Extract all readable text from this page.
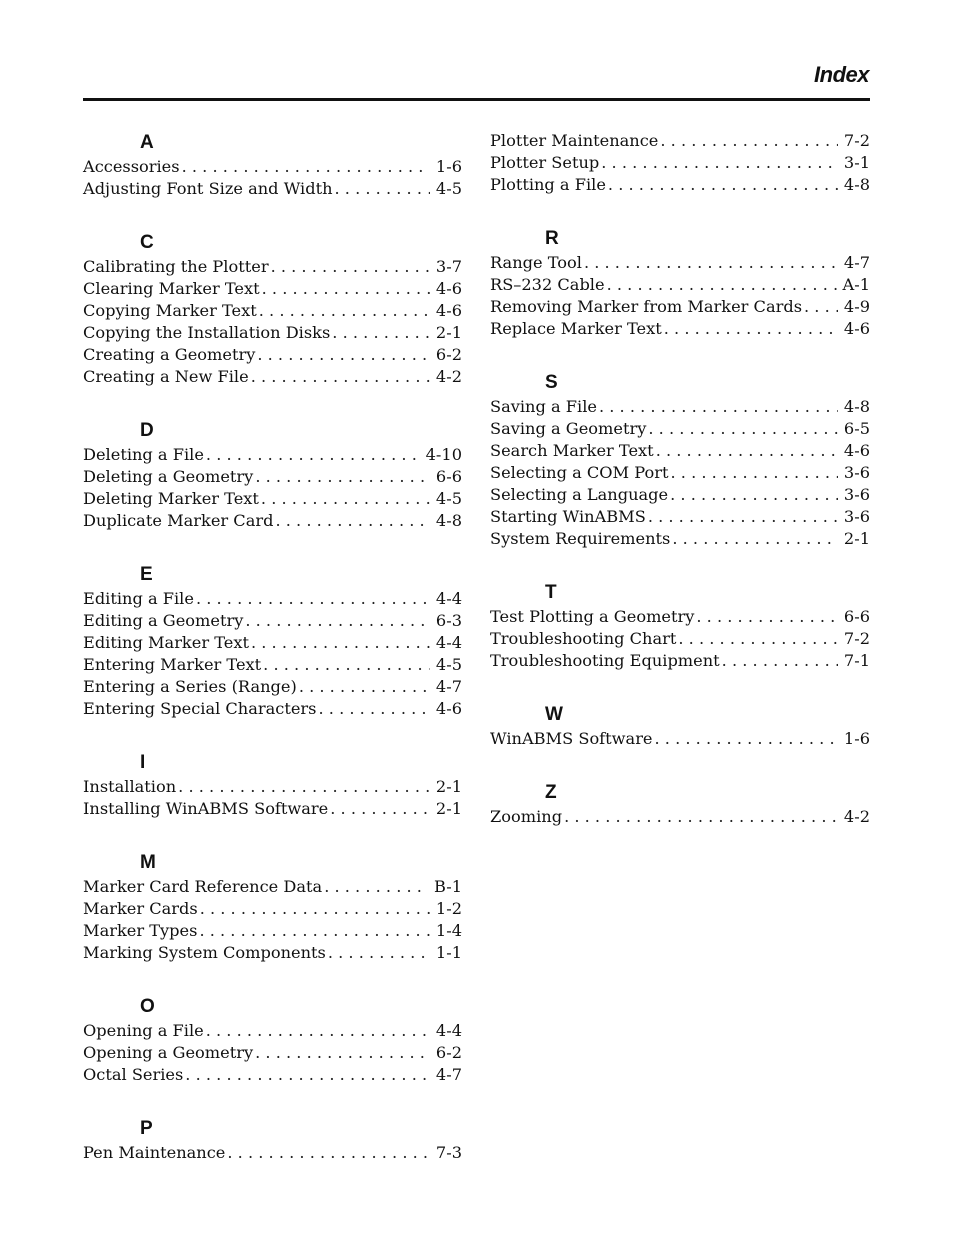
Index
A
Accessories . . .	1-6
Adjusting Font Size and Width . . .	4-5
C
Calibrating the Plotter . . .	3-7
Clearing Marker Text . . .	4-6
Copying Marker Text . . .	4-6
Copying the Installation Disks . . .	2-1
Creating a Geometry . . .	6-2
Creating a New File . . .	4-2
D
Deleting a File . . .	4-10
Deleting a Geometry . . .	6-6
Deleting Marker Text . . .	4-5
Duplicate Marker Card . . .	4-8
E
Editing a File . . .	4-4
Editing a Geometry . . .	6-3
Editing Marker Text . . .	4-4
Entering Marker Text . . .	4-5
Entering a Series (Range) . . .	4-7
Entering Special Characters . . .	4-6
I
Installation . . .	2-1
Installing WinABMS Software . . .	2-1
M
Marker Card Reference Data . . .	B-1
Marker Cards . . .	1-2
Marker Types . . .	1-4
Marking System Components . . .	1-1
O
Opening a File . . .	4-4
Opening a Geometry . . .	6-2
Octal Series . . .	4-7
P
Pen Maintenance . . .	7-3
Plotter Maintenance . . .	7-2
Plotter Setup . . .	3-1
Plotting a File . . .	4-8
R
Range Tool . . .	4-7
RS–232 Cable . . .	A-1
Removing Marker from Marker Cards . . .	4-9
Replace Marker Text . . .	4-6
S
Saving a File . . .	4-8
Saving a Geometry . . .	6-5
Search Marker Text . . .	4-6
Selecting a COM Port . . .	3-6
Selecting a Language . . .	3-6
Starting WinABMS . . .	3-6
System Requirements . . .	2-1
T
Test Plotting a Geometry . . .	6-6
Troubleshooting Chart . . .	7-2
Troubleshooting Equipment . . .	7-1
W
WinABMS Software . . .	1-6
Z
Zooming . . .	4-2
